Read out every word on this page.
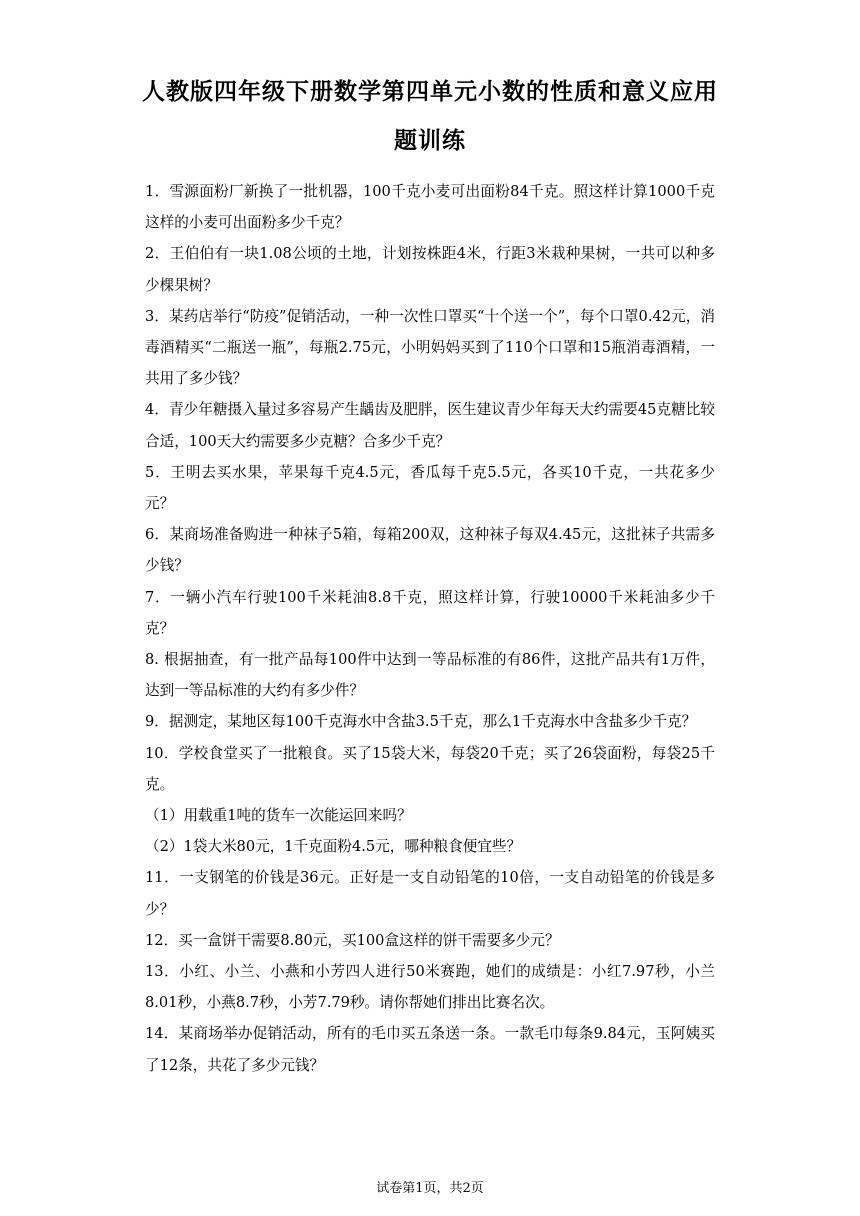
人教版四年级下册数学第四单元小数的性质和意义应用题训练

1．雪源面粉厂新换了一批机器，100千克小麦可出面粉84千克。照这样计算1000千克这样的小麦可出面粉多少千克？

2．王伯伯有一块1.08公顷的土地，计划按株距4米，行距3米栽种果树，一共可以种多少棵果树？

3．某药店举行“防疫”促销活动，一种一次性口罩买“十个送一个”，每个口罩0.42元，消毒酒精买“二瓶送一瓶”，每瓶2.75元，小明妈妈买到了110个口罩和15瓶消毒酒精，一共用了多少钱？

4．青少年糖摄入量过多容易产生龋齿及肥胖，医生建议青少年每天大约需要45克糖比较合适，100天大约需要多少克糖？合多少千克？

5．王明去买水果，苹果每千克4.5元，香瓜每千克5.5元，各买10千克，一共花多少元？

6．某商场准备购进一种袜子5箱，每箱200双，这种袜子每双4.45元，这批袜子共需多少钱？

7．一辆小汽车行驶100千米耗油8.8千克，照这样计算，行驶10000千米耗油多少千克？

8. 根据抽查，有一批产品每100件中达到一等品标准的有86件，这批产品共有1万件，达到一等品标准的大约有多少件？

9．据测定，某地区每100千克海水中含盐3.5千克，那么1千克海水中含盐多少千克？

10．学校食堂买了一批粮食。买了15袋大米，每袋20千克；买了26袋面粉，每袋25千克。

（1）用载重1吨的货车一次能运回来吗？

（2）1袋大米80元，1千克面粉4.5元，哪种粮食便宜些？

11．一支钢笔的价钱是36元。正好是一支自动铅笔的10倍，一支自动铅笔的价钱是多少？

12．买一盒饼干需要8.80元，买100盒这样的饼干需要多少元？

13．小红、小兰、小燕和小芳四人进行50米赛跑，她们的成绩是：小红7.97秒，小兰8.01秒，小燕8.7秒，小芳7.79秒。请你帮她们排出比赛名次。

14．某商场举办促销活动，所有的毛巾买五条送一条。一款毛巾每条9.84元，玉阿姨买了12条，共花了多少元钱？

试卷第1页，共2页
